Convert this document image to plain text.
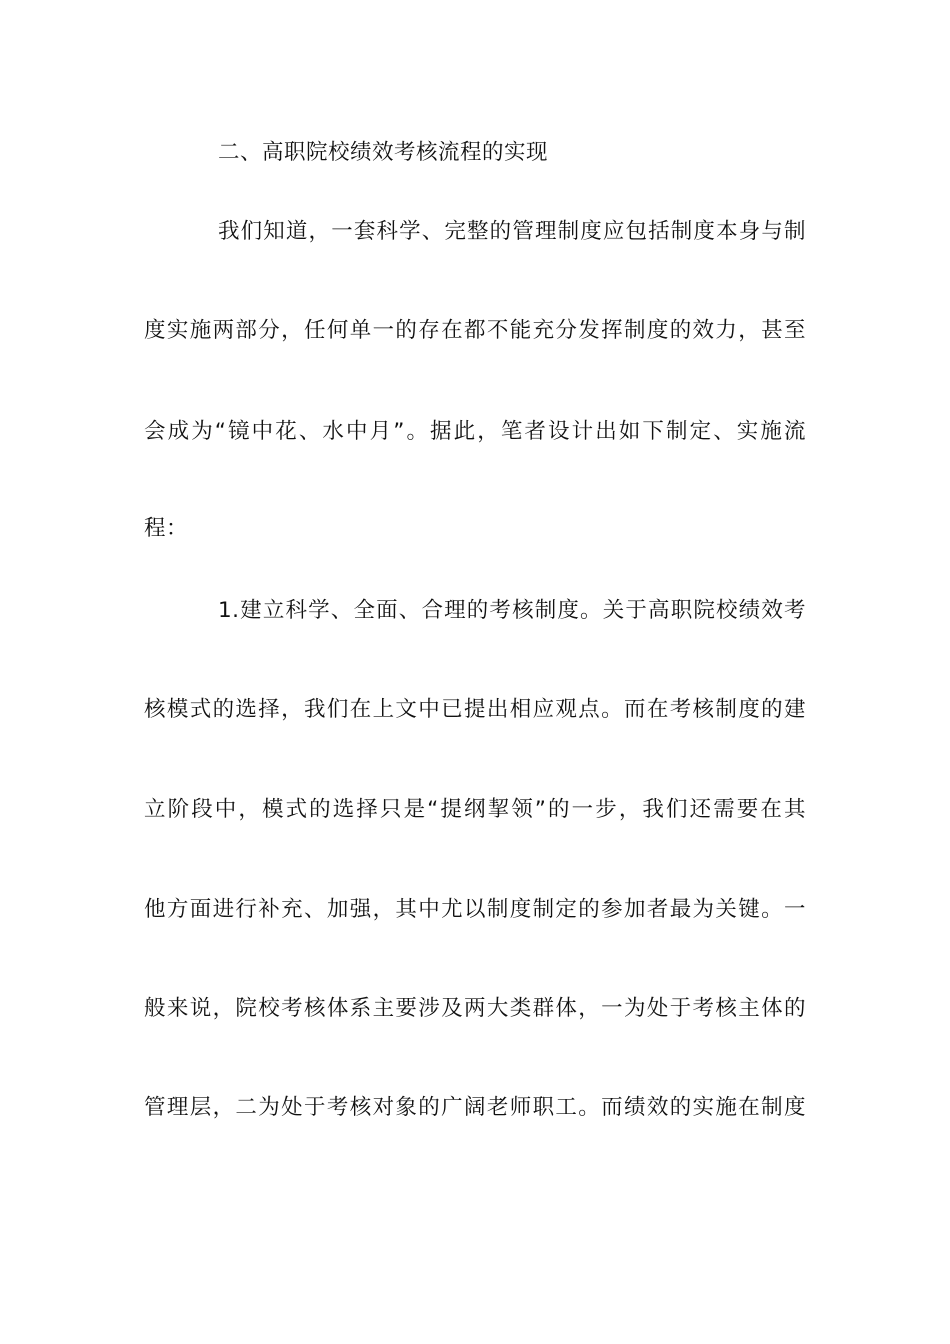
二、高职院校绩效考核流程的实现
我们知道，一套科学、完整的管理制度应包括制度本身与制
度实施两部分，任何单一的存在都不能充分发挥制度的效力，甚至
会成为“镜中花、水中月”。据此，笔者设计出如下制定、实施流
程：
1.建立科学、全面、合理的考核制度。关于高职院校绩效考
核模式的选择，我们在上文中已提出相应观点。而在考核制度的建
立阶段中，模式的选择只是“提纲挈领”的一步，我们还需要在其
他方面进行补充、加强，其中尤以制度制定的参加者最为关键。一
般来说，院校考核体系主要涉及两大类群体，一为处于考核主体的
管理层，二为处于考核对象的广阔老师职工。而绩效的实施在制度
